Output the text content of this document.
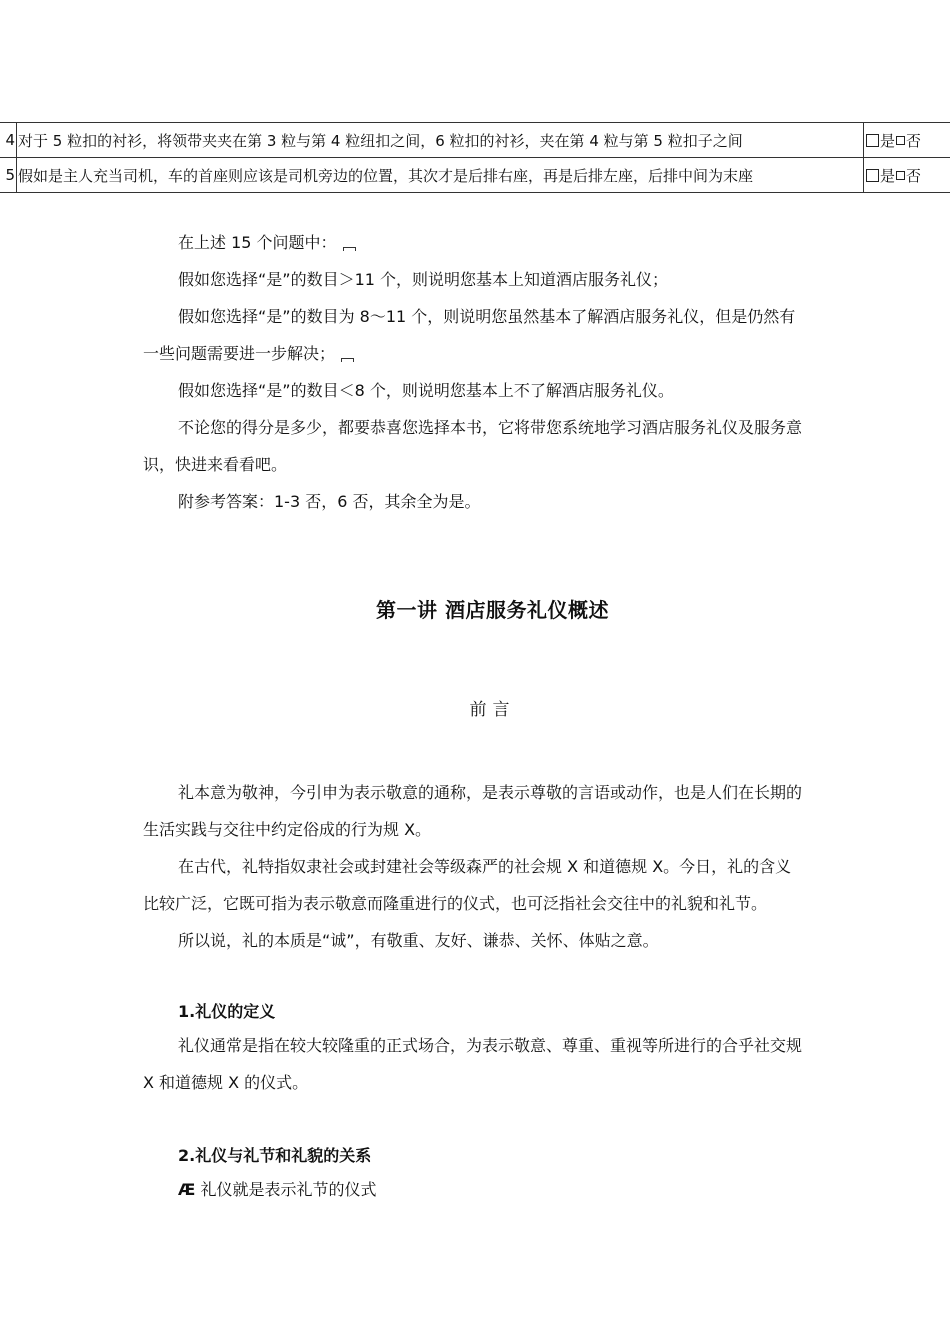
4	对于 5 粒扣的衬衫，将领带夹夹在第 3 粒与第 4 粒纽扣之间，6 粒扣的衬衫，夹在第 4 粒与第 5 粒扣子之间	是 否
5	假如是主人充当司机，车的首座则应该是司机旁边的位置，其次才是后排右座，再是后排左座，后排中间为末座	是 否

在上述 15 个问题中：

假如您选择“是”的数目＞11 个，则说明您基本上知道酒店服务礼仪；

假如您选择“是”的数目为 8～11 个，则说明您虽然基本了解酒店服务礼仪，但是仍然有一些问题需要进一步解决；

假如您选择“是”的数目＜8 个，则说明您基本上不了解酒店服务礼仪。

不论您的得分是多少，都要恭喜您选择本书，它将带您系统地学习酒店服务礼仪及服务意识，快进来看看吧。

附参考答案：1-3 否，6 否，其余全为是。

第一讲 酒店服务礼仪概述
前言

礼本意为敬神，今引申为表示敬意的通称，是表示尊敬的言语或动作，也是人们在长期的生活实践与交往中约定俗成的行为规 X。

在古代，礼特指奴隶社会或封建社会等级森严的社会规 X 和道德规 X。今日，礼的含义比较广泛，它既可指为表示敬意而隆重进行的仪式，也可泛指社会交往中的礼貌和礼节。

所以说，礼的本质是“诚”，有敬重、友好、谦恭、关怀、体贴之意。

1.礼仪的定义

礼仪通常是指在较大较隆重的正式场合，为表示敬意、尊重、重视等所进行的合乎社交规 X 和道德规 X 的仪式。

2.礼仪与礼节和礼貌的关系

Æ 礼仪就是表示礼节的仪式
